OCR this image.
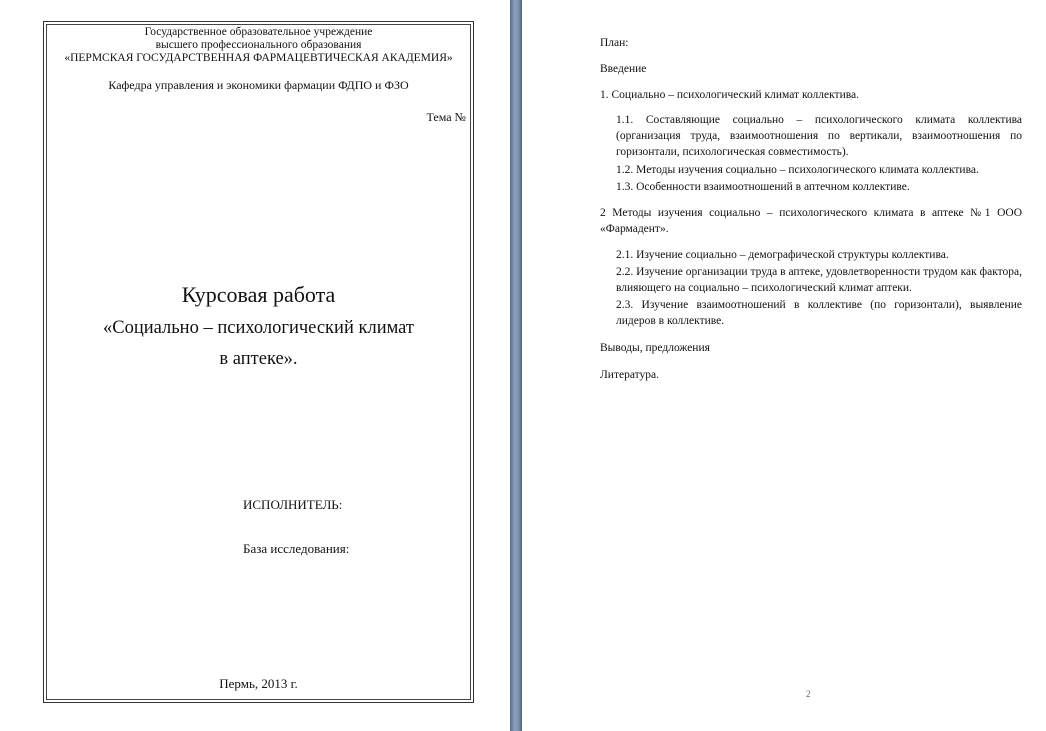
Государственное образовательное учреждение
высшего профессионального образования
«ПЕРМСКАЯ ГОСУДАРСТВЕННАЯ ФАРМАЦЕВТИЧЕСКАЯ АКАДЕМИЯ»
Кафедра управления и экономики фармации ФДПО и ФЗО
Тема №
Курсовая работа
«Социально – психологический климат
в аптеке».
ИСПОЛНИТЕЛЬ:
База исследования:
Пермь, 2013 г.
План:
Введение
1. Социально – психологический климат коллектива.
1.1. Составляющие социально – психологического климата коллектива (организация труда, взаимоотношения по вертикали, взаимоотношения по горизонтали, психологическая совместимость).
1.2. Методы изучения социально – психологического климата коллектива.
1.3. Особенности взаимоотношений в аптечном коллективе.
2 Методы изучения социально – психологического климата в аптеке №1 ООО «Фармадент».
2.1. Изучение социально – демографической структуры коллектива.
2.2. Изучение организации труда в аптеке, удовлетворенности трудом как фактора, влияющего на социально – психологический климат аптеки.
2.3. Изучение взаимоотношений в коллективе (по горизонтали), выявление лидеров в коллективе.
Выводы, предложения
Литература.
2
